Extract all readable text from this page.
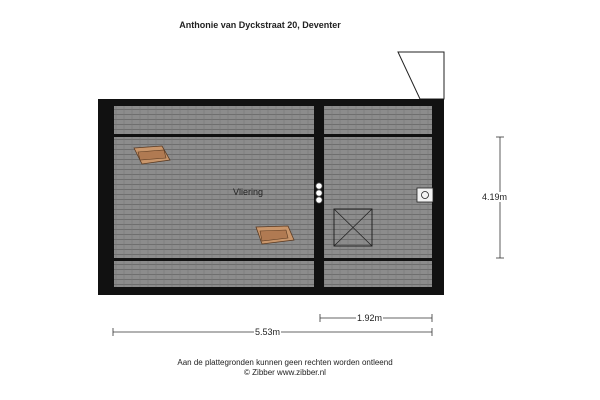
Anthonie van Dyckstraat 20, Deventer
Vliering	4.19m
1.92m
5.53m
Aan de plattegronden kunnen geen rechten worden ontleend
© Zibber www.zibber.nl
